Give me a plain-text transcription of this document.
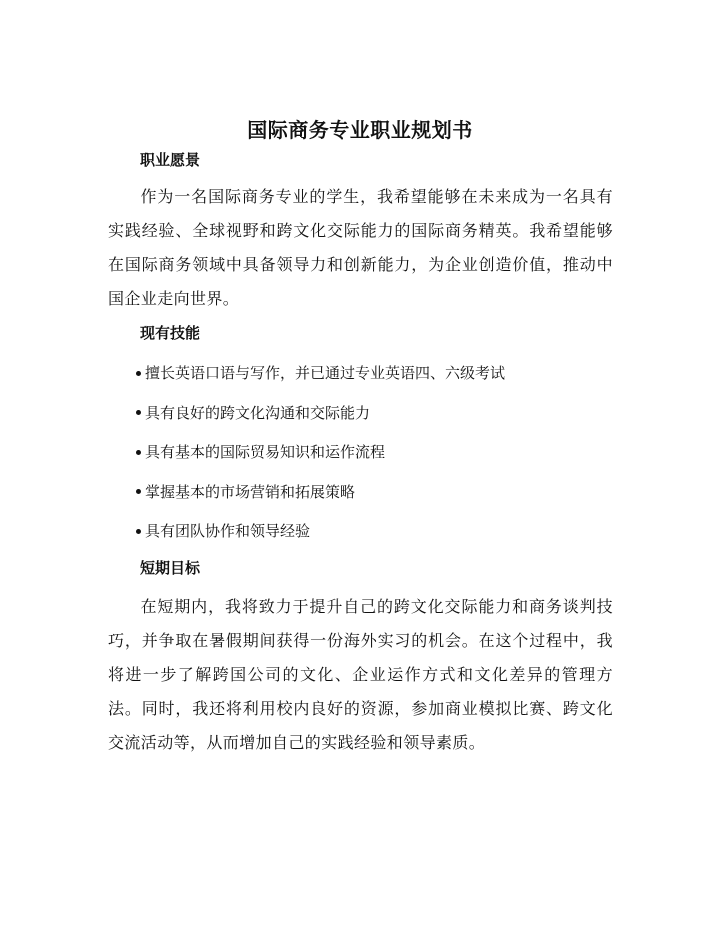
国际商务专业职业规划书
职业愿景
作为一名国际商务专业的学生，我希望能够在未来成为一名具有实践经验、全球视野和跨文化交际能力的国际商务精英。我希望能够在国际商务领域中具备领导力和创新能力，为企业创造价值，推动中国企业走向世界。
现有技能
擅长英语口语与写作，并已通过专业英语四、六级考试
具有良好的跨文化沟通和交际能力
具有基本的国际贸易知识和运作流程
掌握基本的市场营销和拓展策略
具有团队协作和领导经验
短期目标
在短期内，我将致力于提升自己的跨文化交际能力和商务谈判技巧，并争取在暑假期间获得一份海外实习的机会。在这个过程中，我将进一步了解跨国公司的文化、企业运作方式和文化差异的管理方法。同时，我还将利用校内良好的资源，参加商业模拟比赛、跨文化交流活动等，从而增加自己的实践经验和领导素质。
